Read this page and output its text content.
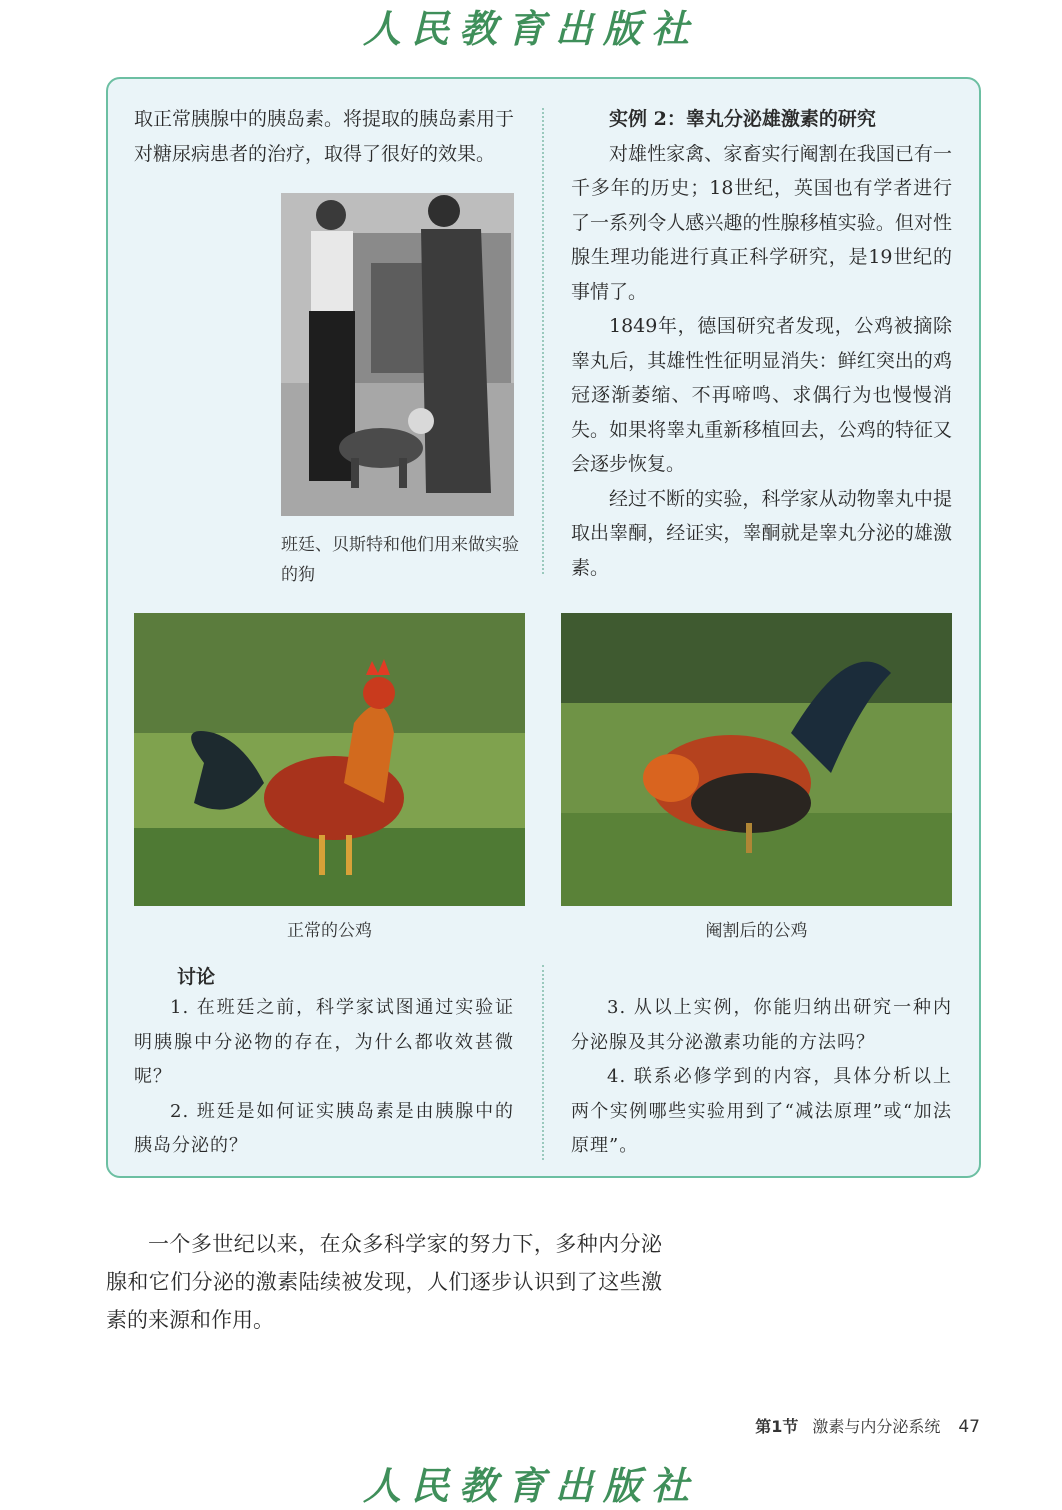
人民教育出版社

取正常胰腺中的胰岛素。将提取的胰岛素用于对糖尿病患者的治疗，取得了很好的效果。

班廷、贝斯特和他们用来做实验的狗

实例 2：睾丸分泌雄激素的研究

对雄性家禽、家畜实行阉割在我国已有一千多年的历史；18世纪，英国也有学者进行了一系列令人感兴趣的性腺移植实验。但对性腺生理功能进行真正科学研究，是19世纪的事情了。

1849年，德国研究者发现，公鸡被摘除睾丸后，其雄性性征明显消失：鲜红突出的鸡冠逐渐萎缩、不再啼鸣、求偶行为也慢慢消失。如果将睾丸重新移植回去，公鸡的特征又会逐步恢复。

经过不断的实验，科学家从动物睾丸中提取出睾酮，经证实，睾酮就是睾丸分泌的雄激素。

正常的公鸡	阉割后的公鸡
讨论

1. 在班廷之前，科学家试图通过实验证明胰腺中分泌物的存在，为什么都收效甚微呢？

2. 班廷是如何证实胰岛素是由胰腺中的胰岛分泌的？

3. 从以上实例，你能归纳出研究一种内分泌腺及其分泌激素功能的方法吗？

4. 联系必修学到的内容，具体分析以上两个实例哪些实验用到了“减法原理”或“加法原理”。

一个多世纪以来，在众多科学家的努力下，多种内分泌腺和它们分泌的激素陆续被发现，人们逐步认识到了这些激素的来源和作用。

第1节 激素与内分泌系统 47
人民教育出版社
